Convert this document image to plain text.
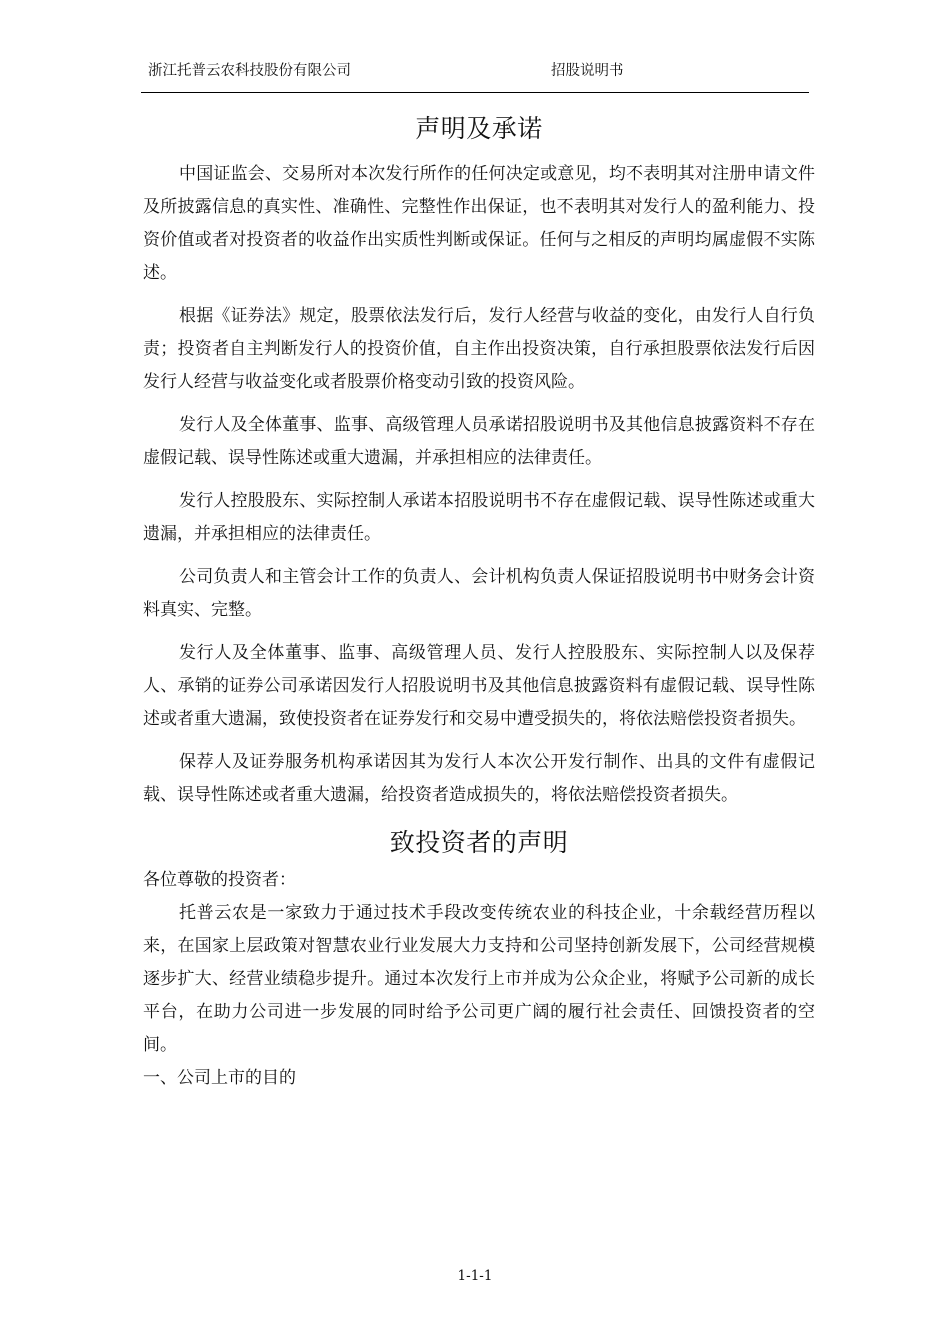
浙江托普云农科技股份有限公司	招股说明书
声明及承诺

中国证监会、交易所对本次发行所作的任何决定或意见，均不表明其对注册申请文件及所披露信息的真实性、准确性、完整性作出保证，也不表明其对发行人的盈利能力、投资价值或者对投资者的收益作出实质性判断或保证。任何与之相反的声明均属虚假不实陈述。

根据《证券法》规定，股票依法发行后，发行人经营与收益的变化，由发行人自行负责；投资者自主判断发行人的投资价值，自主作出投资决策，自行承担股票依法发行后因发行人经营与收益变化或者股票价格变动引致的投资风险。

发行人及全体董事、监事、高级管理人员承诺招股说明书及其他信息披露资料不存在虚假记载、误导性陈述或重大遗漏，并承担相应的法律责任。

发行人控股股东、实际控制人承诺本招股说明书不存在虚假记载、误导性陈述或重大遗漏，并承担相应的法律责任。

公司负责人和主管会计工作的负责人、会计机构负责人保证招股说明书中财务会计资料真实、完整。

发行人及全体董事、监事、高级管理人员、发行人控股股东、实际控制人以及保荐人、承销的证券公司承诺因发行人招股说明书及其他信息披露资料有虚假记载、误导性陈述或者重大遗漏，致使投资者在证券发行和交易中遭受损失的，将依法赔偿投资者损失。

保荐人及证券服务机构承诺因其为发行人本次公开发行制作、出具的文件有虚假记载、误导性陈述或者重大遗漏，给投资者造成损失的，将依法赔偿投资者损失。

致投资者的声明

各位尊敬的投资者：

托普云农是一家致力于通过技术手段改变传统农业的科技企业，十余载经营历程以来，在国家上层政策对智慧农业行业发展大力支持和公司坚持创新发展下，公司经营规模逐步扩大、经营业绩稳步提升。通过本次发行上市并成为公众企业，将赋予公司新的成长平台，在助力公司进一步发展的同时给予公司更广阔的履行社会责任、回馈投资者的空间。

一、公司上市的目的

1-1-1
